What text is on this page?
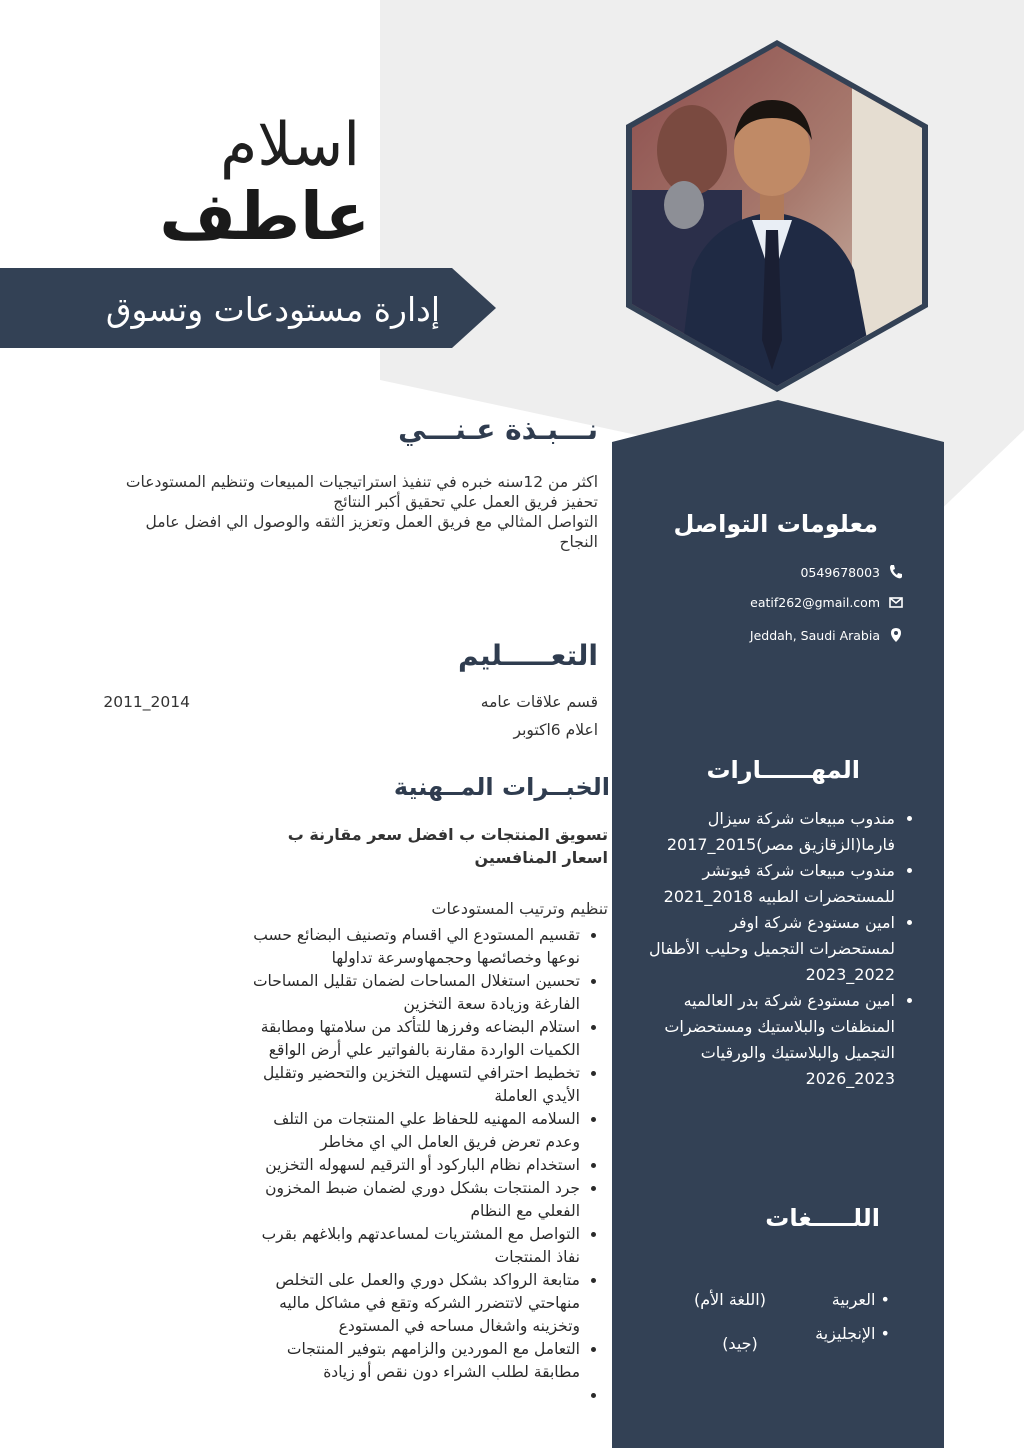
اسلام
عاطف
إدارة مستودعات وتسوق
نـــبـذة عـنـــي
اكثر من 12سنه خبره في تنفيذ استراتيجيات المبيعات وتنظيم المستودعات
تحفيز فريق العمل علي تحقيق أكبر النتائج
التواصل المثالي مع فريق العمل وتعزيز الثقه والوصول الي افضل عامل
النجاح
التعـــــليم
قسم علاقات عامه
2011_2014
اعلام 6اكتوبر
الخبــرات المــهنية
تسويق المنتجات ب افضل سعر مقارنة ب
اسعار المنافسين
تنظيم وترتيب المستودعات
• تقسيم المستودع الي اقسام وتصنيف البضائع حسب نوعها وخصائصها وحجمهاوسرعة تداولها
• تحسين استغلال المساحات لضمان تقليل المساحات الفارغة وزيادة سعة التخزين
• استلام البضاعه وفرزها للتأكد من سلامتها ومطابقة الكميات الواردة مقارنة بالفواتير علي أرض الواقع
• تخطيط احترافي لتسهيل التخزين والتحضير وتقليل الأيدي العاملة
• السلامه المهنيه للحفاظ علي المنتجات من التلف وعدم تعرض فريق العامل الي اي مخاطر
• استخدام نظام الباركود أو الترقيم لسهوله التخزين
• جرد المنتجات بشكل دوري لضمان ضبط المخزون الفعلي مع النظام
• التواصل مع المشتريات لمساعدتهم وابلاغهم بقرب نفاذ المنتجات
• متابعة الرواكد بشكل دوري والعمل على التخلص منهاحتي لاتتضرر الشركه وتقع في مشاكل ماليه وتخزينه واشغال مساحه في المستودع
• التعامل مع الموردين والزامهم بتوفير المنتجات مطابقة لطلب الشراء دون نقص أو زيادة
•
معلومات التواصل
0549678003
eatif262@gmail.com
Jeddah, Saudi Arabia
المهــــــارات
• مندوب مبيعات شركة سيزال فارما(الزقازيق مصر)2015_2017
• مندوب مبيعات شركة فيوتشر للمستحضرات الطبيه 2018_2021
• امين مستودع شركة اوفر لمستحضرات التجميل وحليب الأطفال 2022_2023
• امين مستودع شركة بدر العالميه المنظفات والبلاستيك ومستحضرات التجميل والبلاستيك والورقيات 2023_2026
اللـــــغات
• العربية
(اللغة الأم)
• الإنجليزية
(جيد)
